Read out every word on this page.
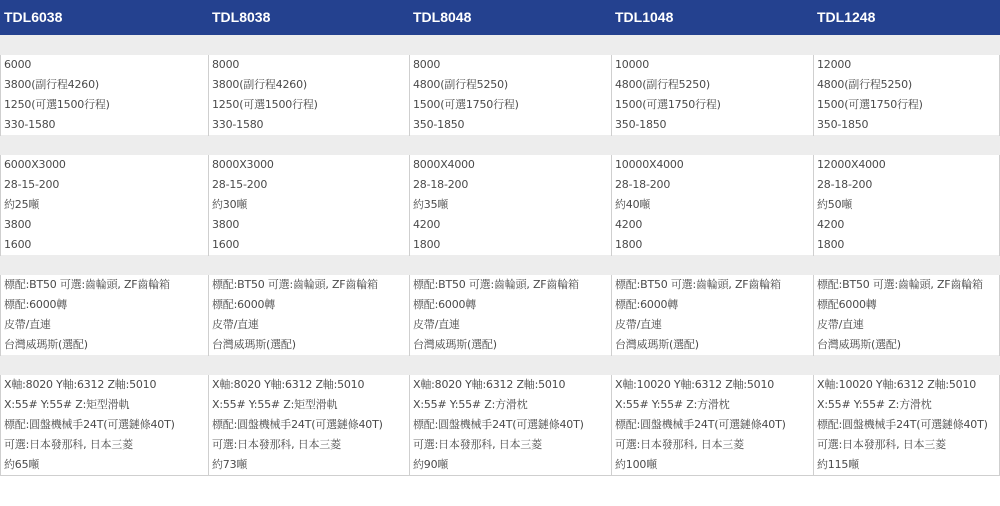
TDL6038	TDL8038	TDL8048	TDL1048	TDL1248
6000	8000	8000	10000	12000
3800(副行程4260)	3800(副行程4260)	4800(副行程5250)	4800(副行程5250)	4800(副行程5250)
1250(可選1500行程)	1250(可選1500行程)	1500(可選1750行程)	1500(可選1750行程)	1500(可選1750行程)
330-1580	330-1580	350-1850	350-1850	350-1850
6000X3000	8000X3000	8000X4000	10000X4000	12000X4000
28-15-200	28-15-200	28-18-200	28-18-200	28-18-200
約25噸	約30噸	約35噸	約40噸	約50噸
3800	3800	4200	4200	4200
1600	1600	1800	1800	1800
標配:BT50 可選:齒輪頭, ZF齒輪箱	標配:BT50 可選:齒輪頭, ZF齒輪箱	標配:BT50 可選:齒輪頭, ZF齒輪箱	標配:BT50 可選:齒輪頭, ZF齒輪箱	標配:BT50 可選:齒輪頭, ZF齒輪箱
標配:6000轉	標配:6000轉	標配:6000轉	標配:6000轉	標配6000轉
皮帶/直連	皮帶/直連	皮帶/直連	皮帶/直連	皮帶/直連
台灣威瑪斯(選配)	台灣威瑪斯(選配)	台灣威瑪斯(選配)	台灣威瑪斯(選配)	台灣威瑪斯(選配)
X軸:8020 Y軸:6312 Z軸:5010	X軸:8020 Y軸:6312 Z軸:5010	X軸:8020 Y軸:6312 Z軸:5010	X軸:10020 Y軸:6312 Z軸:5010	X軸:10020 Y軸:6312 Z軸:5010
X:55# Y:55# Z:矩型滑軌	X:55# Y:55# Z:矩型滑軌	X:55# Y:55# Z:方滑枕	X:55# Y:55# Z:方滑枕	X:55# Y:55# Z:方滑枕
標配:圓盤機械手24T(可選鏈條40T)	標配:圓盤機械手24T(可選鏈條40T)	標配:圓盤機械手24T(可選鏈條40T)	標配:圓盤機械手24T(可選鏈條40T)	標配:圓盤機械手24T(可選鏈條40T)
可選:日本發那科, 日本三菱	可選:日本發那科, 日本三菱	可選:日本發那科, 日本三菱	可選:日本發那科, 日本三菱	可選:日本發那科, 日本三菱
約65噸	約73噸	約90噸	約100噸	約115噸
